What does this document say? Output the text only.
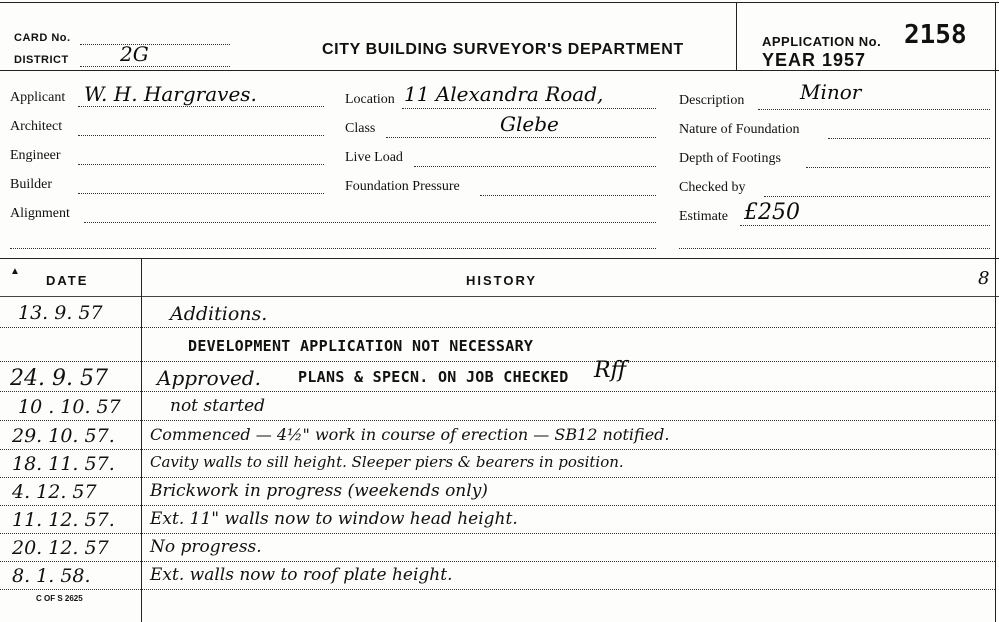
CARD No.
DISTRICT	2G	CITY BUILDING SURVEYOR'S DEPARTMENT	APPLICATION No. 2158
YEAR 1957
Applicant W. H. Hargraves.
Architect
Engineer
Builder
Alignment
Location 11 Alexandra Road,
Class	Glebe
Live Load
Foundation Pressure
Description	Minor
Nature of Foundation
Depth of Footings
Checked by
Estimate £250
▲
DATE	HISTORY	8
13. 9. 57	Additions.
DEVELOPMENT APPLICATION NOT NECESSARY
24. 9. 57 Approved. PLANS & SPECN. ON JOB CHECKED Rff
10 . 10. 57	not started
29. 10. 57. Commenced — 4½" work in course of erection — SB12 notified.
18. 11. 57. Cavity walls to sill height. Sleeper piers & bearers in position.
4. 12. 57	Brickwork in progress (weekends only)
11. 12. 57. Ext. 11" walls now to window head height.
20. 12. 57 No progress.
8. 1. 58.	Ext. walls now to roof plate height.
C OF S 2625
